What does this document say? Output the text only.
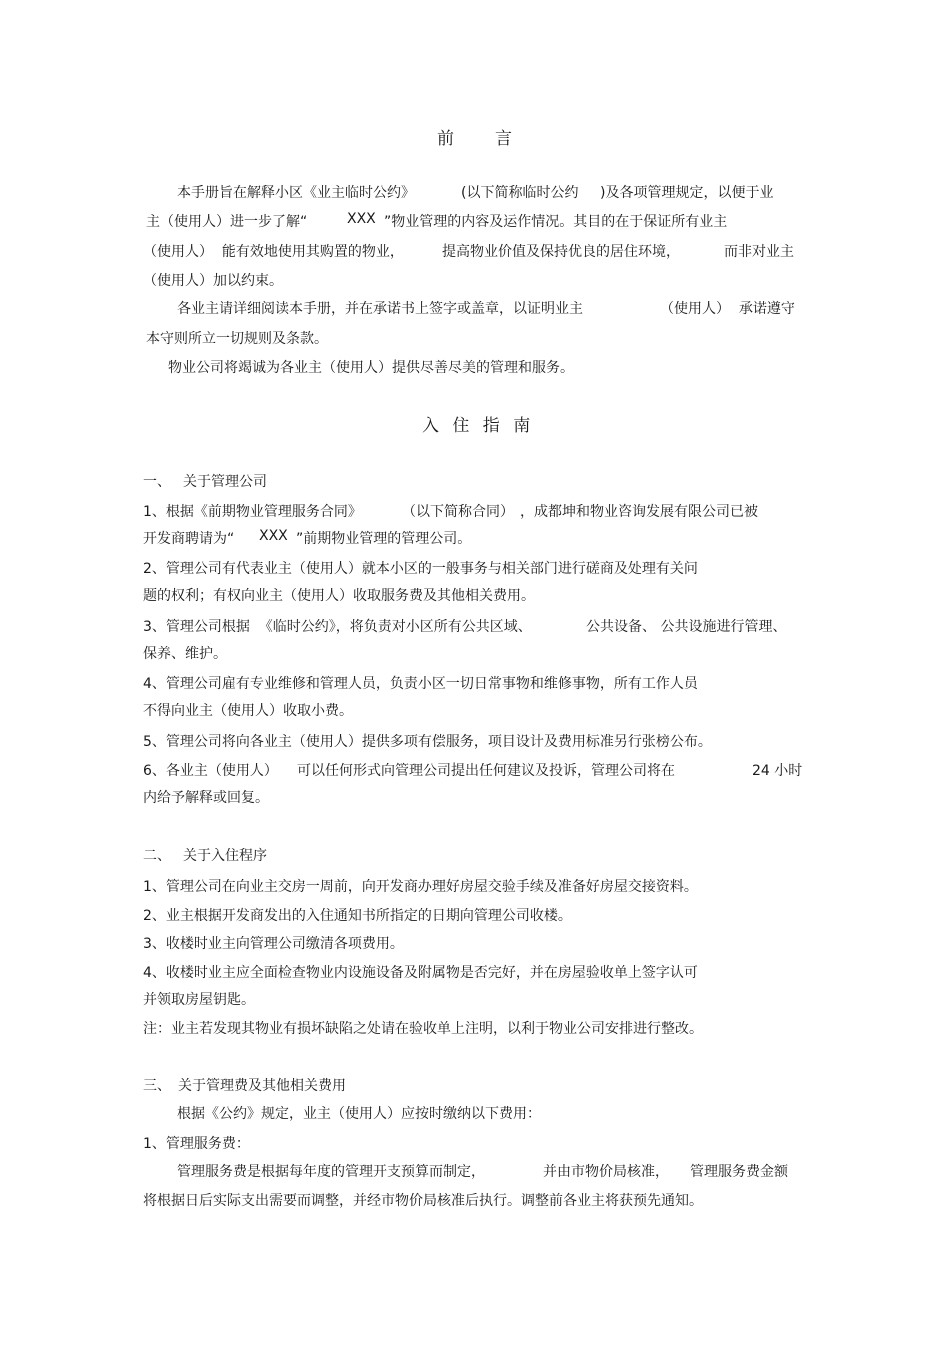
前 言
本手册旨在解释小区《业主临时公约》	(以下简称临时公约 )及各项管理规定，以便于业
主（使用人）进一步了解“	XXX ”物业管理的内容及运作情况。其目的在于保证所有业主
（使用人）  能有效地使用其购置的物业，	提高物业价值及保持优良的居住环境，	而非对业主
（使用人）加以约束。
各业主请详细阅读本手册，并在承诺书上签字或盖章，以证明业主	（使用人）  承诺遵守
本守则所立一切规则及条款。
物业公司将竭诚为各业主（使用人）提供尽善尽美的管理和服务。
入 住 指 南
一、 关于管理公司
1、根据《前期物业管理服务合同》	（以下简称合同） ，成都坤和物业咨询发展有限公司已被
开发商聘请为“ XXX ”前期物业管理的管理公司。
2、管理公司有代表业主（使用人）就本小区的一般事务与相关部门进行磋商及处理有关问
题的权利；有权向业主（使用人）收取服务费及其他相关费用。
3、管理公司根据  《临时公约》，将负责对小区所有公共区域、	公共设备、 公共设施进行管理、
保养、维护。
4、管理公司雇有专业维修和管理人员，负责小区一切日常事物和维修事物，所有工作人员
不得向业主（使用人）收取小费。
5、管理公司将向各业主（使用人）提供多项有偿服务，项目设计及费用标准另行张榜公布。
6、各业主（使用人） 可以任何形式向管理公司提出任何建议及投诉，管理公司将在	24 小时
内给予解释或回复。
二、 关于入住程序
1、管理公司在向业主交房一周前，向开发商办理好房屋交验手续及准备好房屋交接资料。
2、业主根据开发商发出的入住通知书所指定的日期向管理公司收楼。
3、收楼时业主向管理公司缴清各项费用。
4、收楼时业主应全面检查物业内设施设备及附属物是否完好，并在房屋验收单上签字认可
并领取房屋钥匙。
注：业主若发现其物业有损坏缺陷之处请在验收单上注明，以利于物业公司安排进行整改。
三、 关于管理费及其他相关费用
根据《公约》规定，业主（使用人）应按时缴纳以下费用：
1、管理服务费：
管理服务费是根据每年度的管理开支预算而制定，	并由市物价局核准， 管理服务费金额
将根据日后实际支出需要而调整，并经市物价局核准后执行。调整前各业主将获预先通知。
